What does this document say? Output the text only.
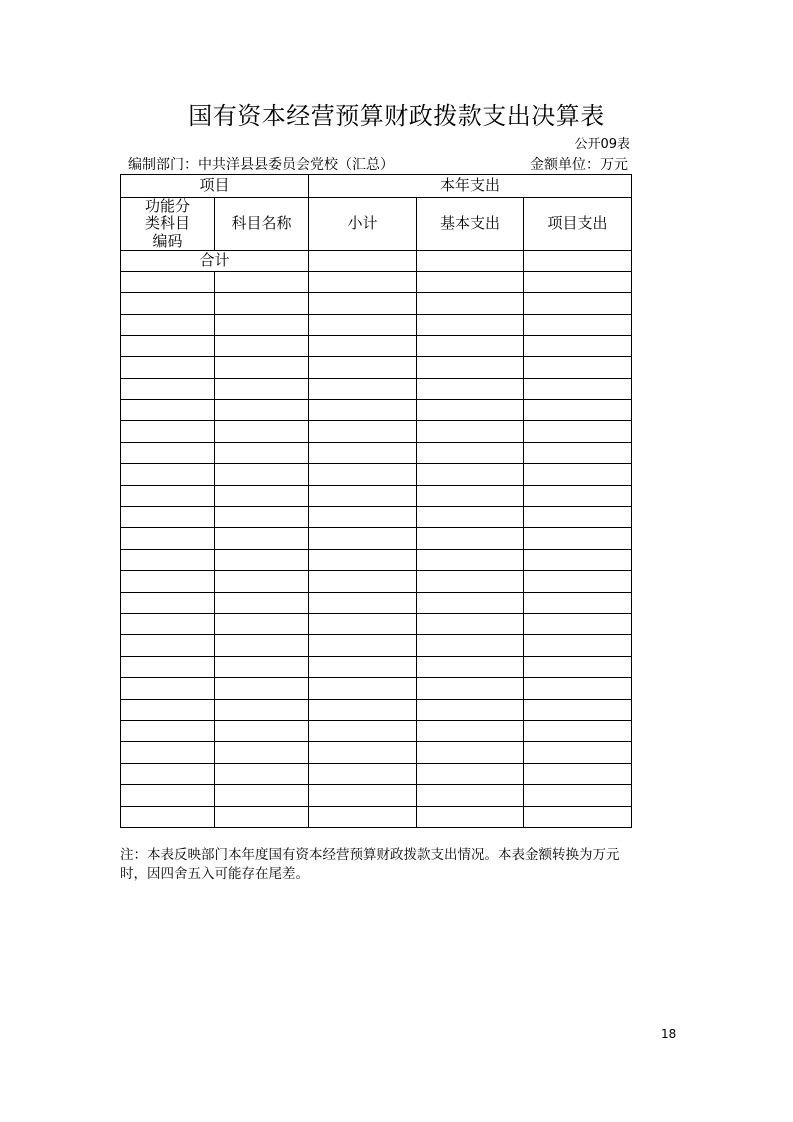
国有资本经营预算财政拨款支出决算表
公开09表
编制部门：中共洋县县委员会党校（汇总）	金额单位：万元
项目		本年支出		
功能分类科目编码	科目名称	小计	基本支出	项目支出
合计				

注：本表反映部门本年度国有资本经营预算财政拨款支出情况。本表金额转换为万元时，因四舍五入可能存在尾差。
18
